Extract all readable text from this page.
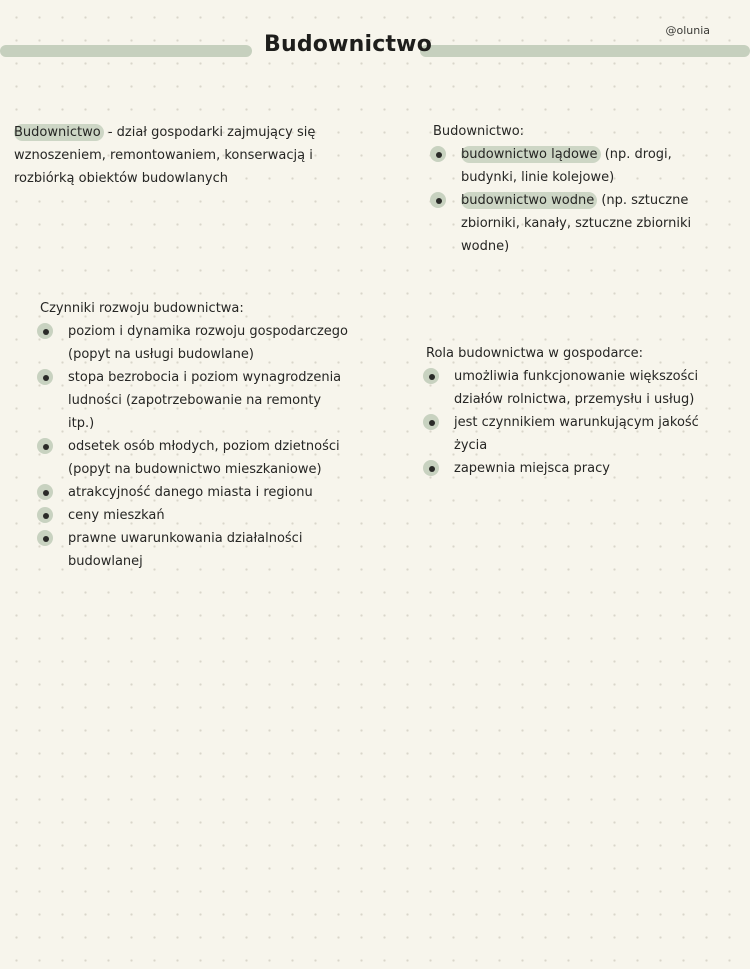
@olunia
Budownictwo
Budownictwo - dział gospodarki zajmujący się
wznoszeniem, remontowaniem, konserwacją i
rozbiórką obiektów budowlanych
Budownictwo:
budownictwo lądowe (np. drogi,
budynki, linie kolejowe)
budownictwo wodne (np. sztuczne
zbiorniki, kanały, sztuczne zbiorniki
wodne)
Czynniki rozwoju budownictwa:
poziom i dynamika rozwoju gospodarczego
(popyt na usługi budowlane)
stopa bezrobocia i poziom wynagrodzenia
ludności (zapotrzebowanie na remonty
itp.)
odsetek osób młodych, poziom dzietności
(popyt na budownictwo mieszkaniowe)
atrakcyjność danego miasta i regionu
ceny mieszkań
prawne uwarunkowania działalności
budowlanej
Rola budownictwa w gospodarce:
umożliwia funkcjonowanie większości
działów rolnictwa, przemysłu i usług)
jest czynnikiem warunkującym jakość
życia
zapewnia miejsca pracy
